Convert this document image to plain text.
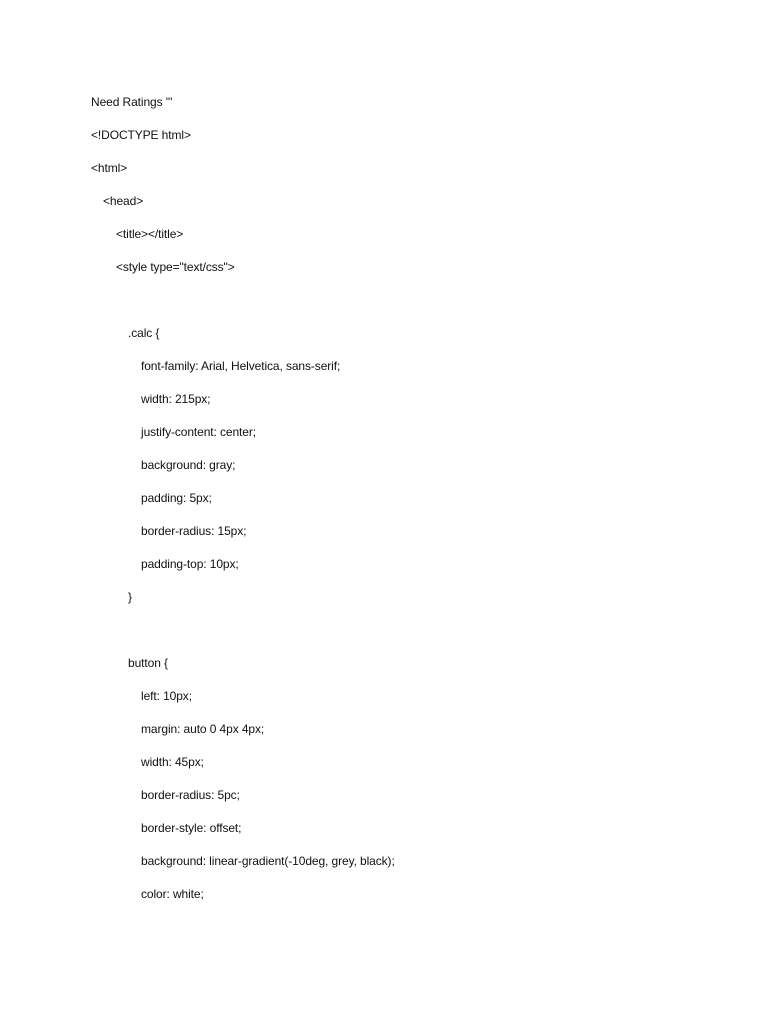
Need Ratings '''

<!DOCTYPE html>

<html>

<head>

<title></title>

<style type="text/css">

.calc {

font-family: Arial, Helvetica, sans-serif;

width: 215px;

justify-content: center;

background: gray;

padding: 5px;

border-radius: 15px;

padding-top: 10px;

}

button {

left: 10px;

margin: auto 0 4px 4px;

width: 45px;

border-radius: 5pc;

border-style: offset;

background: linear-gradient(-10deg, grey, black);

color: white;
